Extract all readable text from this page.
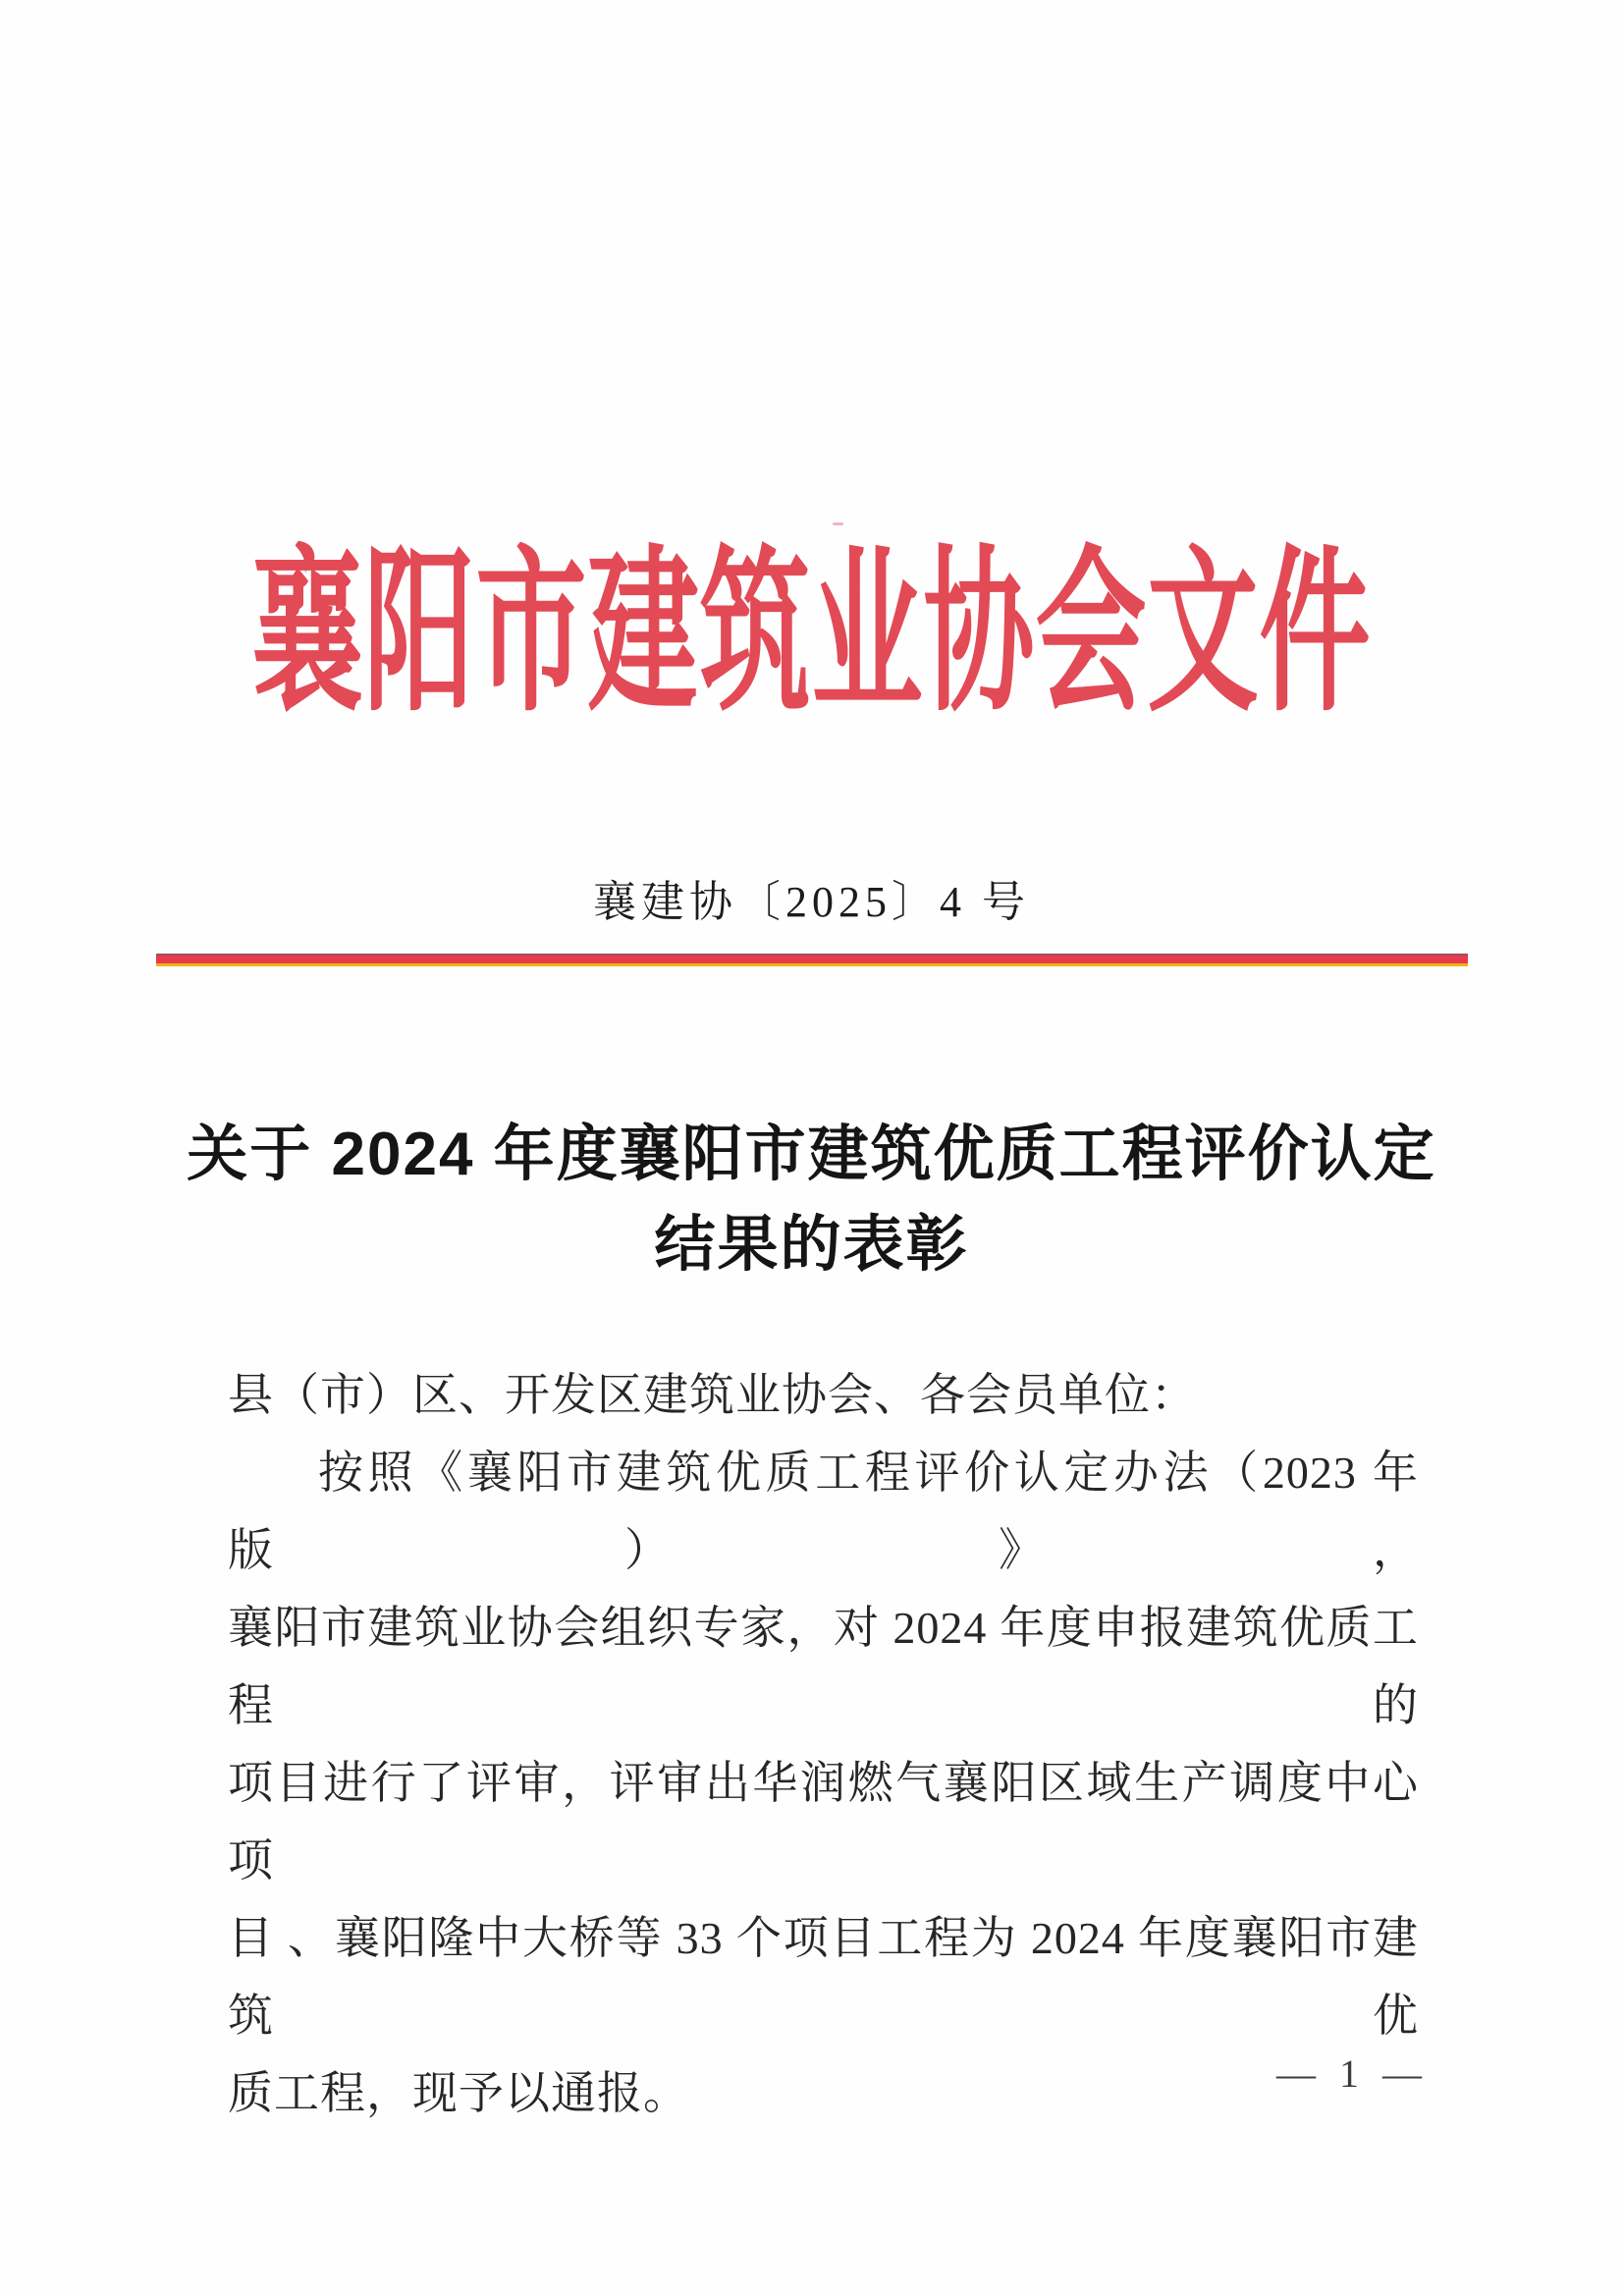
襄阳市建筑业协会文件
襄建协〔2025〕4 号
关于 2024 年度襄阳市建筑优质工程评价认定
结果的表彰
县（市）区、开发区建筑业协会、各会员单位：
按照《襄阳市建筑优质工程评价认定办法（2023 年版）》，
襄阳市建筑业协会组织专家，对 2024 年度申报建筑优质工程的
项目进行了评审，评审出华润燃气襄阳区域生产调度中心项
目 、襄阳隆中大桥等 33 个项目工程为 2024 年度襄阳市建筑优
质工程，现予以通报。	— 1 —
